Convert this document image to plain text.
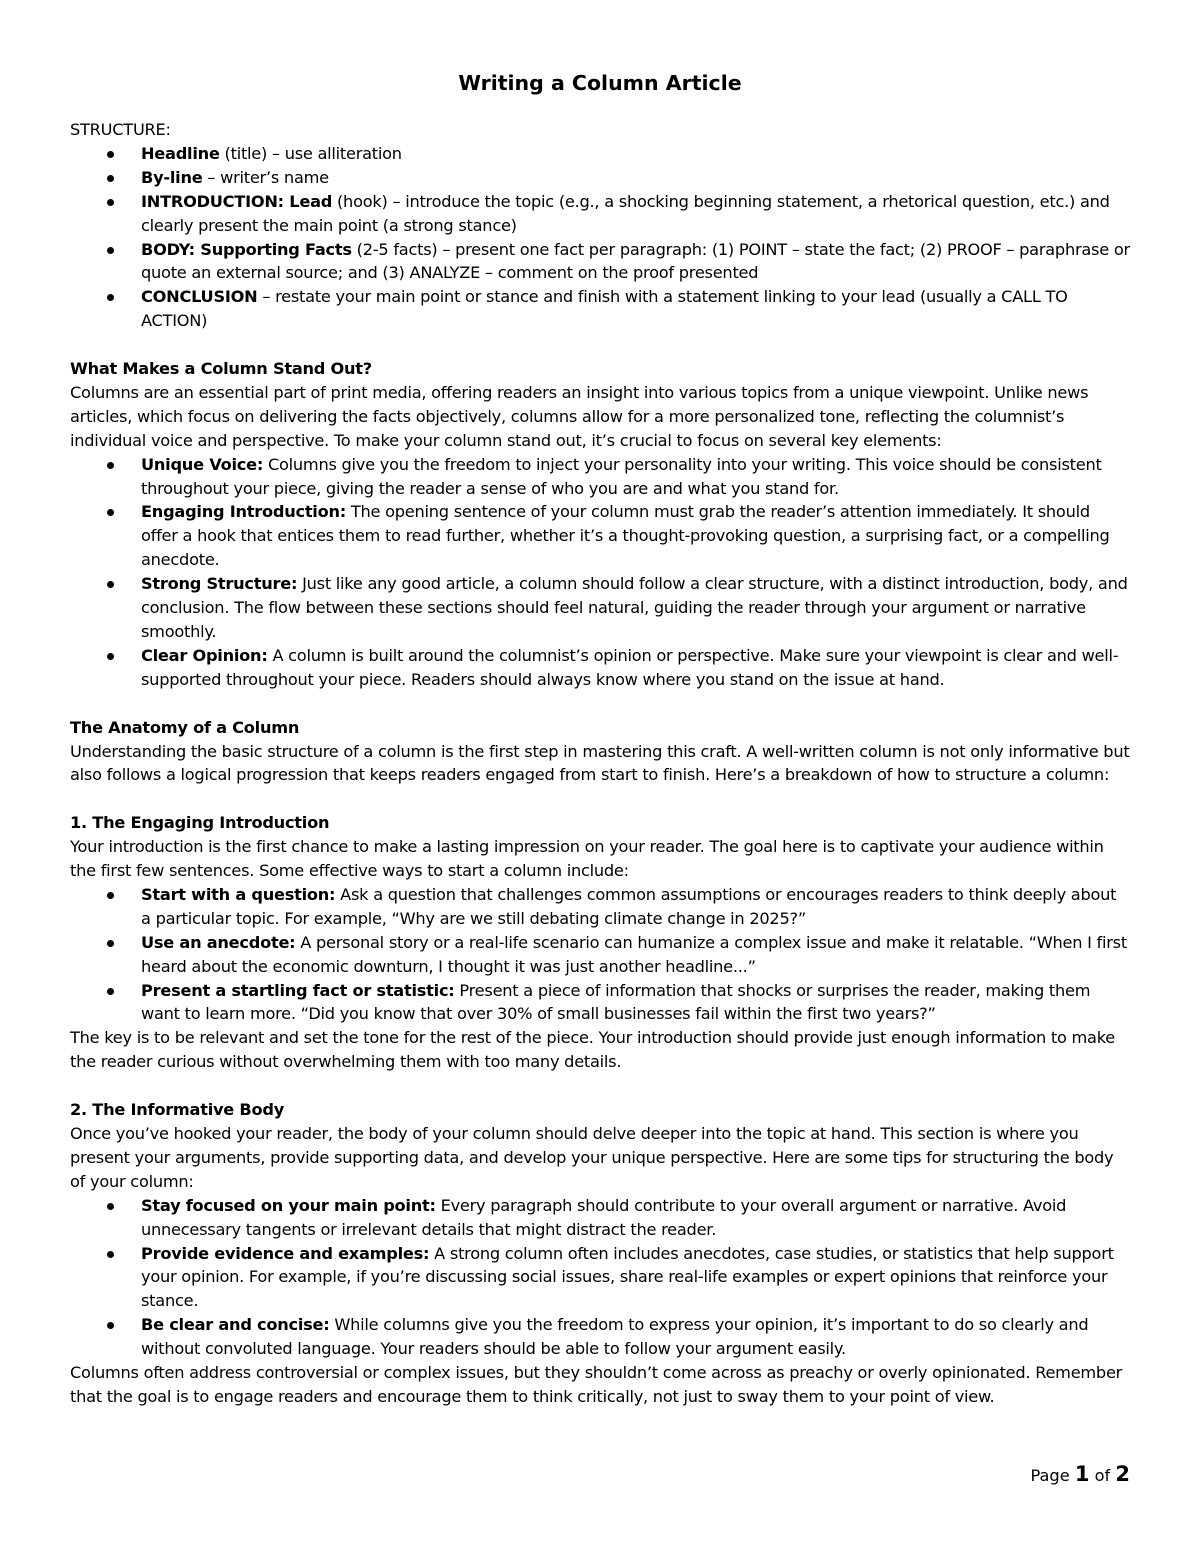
Writing a Column Article

STRUCTURE:

Headline (title) – use alliteration
By-line – writer’s name
INTRODUCTION: Lead (hook) – introduce the topic (e.g., a shocking beginning statement, a rhetorical question, etc.) and clearly present the main point (a strong stance)
BODY: Supporting Facts (2-5 facts) – present one fact per paragraph: (1) POINT – state the fact; (2) PROOF – paraphrase or quote an external source; and (3) ANALYZE – comment on the proof presented
CONCLUSION – restate your main point or stance and finish with a statement linking to your lead (usually a CALL TO ACTION)

What Makes a Column Stand Out?

Columns are an essential part of print media, offering readers an insight into various topics from a unique viewpoint. Unlike news articles, which focus on delivering the facts objectively, columns allow for a more personalized tone, reflecting the columnist’s individual voice and perspective. To make your column stand out, it’s crucial to focus on several key elements:

Unique Voice: Columns give you the freedom to inject your personality into your writing. This voice should be consistent throughout your piece, giving the reader a sense of who you are and what you stand for.
Engaging Introduction: The opening sentence of your column must grab the reader’s attention immediately. It should offer a hook that entices them to read further, whether it’s a thought-provoking question, a surprising fact, or a compelling anecdote.
Strong Structure: Just like any good article, a column should follow a clear structure, with a distinct introduction, body, and conclusion. The flow between these sections should feel natural, guiding the reader through your argument or narrative smoothly.
Clear Opinion: A column is built around the columnist’s opinion or perspective. Make sure your viewpoint is clear and well-supported throughout your piece. Readers should always know where you stand on the issue at hand.

The Anatomy of a Column

Understanding the basic structure of a column is the first step in mastering this craft. A well-written column is not only informative but also follows a logical progression that keeps readers engaged from start to finish. Here’s a breakdown of how to structure a column:

1. The Engaging Introduction

Your introduction is the first chance to make a lasting impression on your reader. The goal here is to captivate your audience within the first few sentences. Some effective ways to start a column include:

Start with a question: Ask a question that challenges common assumptions or encourages readers to think deeply about a particular topic. For example, “Why are we still debating climate change in 2025?”
Use an anecdote: A personal story or a real-life scenario can humanize a complex issue and make it relatable. “When I first heard about the economic downturn, I thought it was just another headline...”
Present a startling fact or statistic: Present a piece of information that shocks or surprises the reader, making them want to learn more. “Did you know that over 30% of small businesses fail within the first two years?”

The key is to be relevant and set the tone for the rest of the piece. Your introduction should provide just enough information to make the reader curious without overwhelming them with too many details.

2. The Informative Body

Once you’ve hooked your reader, the body of your column should delve deeper into the topic at hand. This section is where you present your arguments, provide supporting data, and develop your unique perspective. Here are some tips for structuring the body of your column:

Stay focused on your main point: Every paragraph should contribute to your overall argument or narrative. Avoid unnecessary tangents or irrelevant details that might distract the reader.
Provide evidence and examples: A strong column often includes anecdotes, case studies, or statistics that help support your opinion. For example, if you’re discussing social issues, share real-life examples or expert opinions that reinforce your stance.
Be clear and concise: While columns give you the freedom to express your opinion, it’s important to do so clearly and without convoluted language. Your readers should be able to follow your argument easily.

Columns often address controversial or complex issues, but they shouldn’t come across as preachy or overly opinionated. Remember that the goal is to engage readers and encourage them to think critically, not just to sway them to your point of view.

Page 1 of 2
